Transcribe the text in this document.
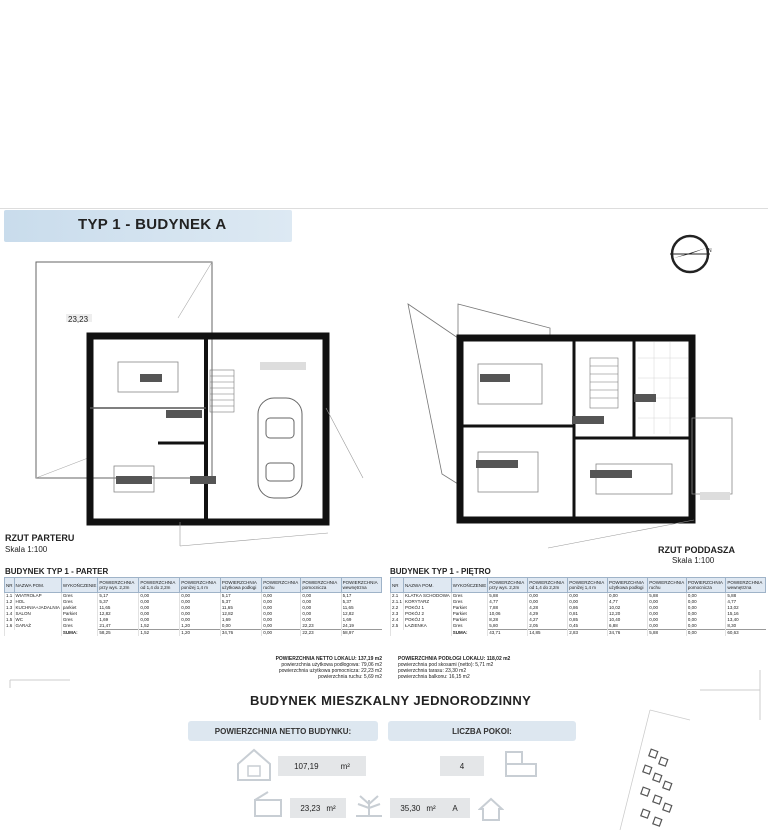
TYP 1 - BUDYNEK A
N
23,23
RZUT PARTERU
Skala 1:100	RZUT PODDASZA
Skala 1:100
BUDYNEK TYP 1 - PARTER
NR	NAZWA POM.	WYKOŃCZENIE	POWIERZCHNIA przy wys. 2,2m	POWIERZCHNIA od 1,4 do 2,2m	POWIERZCHNIA poniżej 1,4 m	POWIERZCHNIA użytkowa podłogi	POWIERZCHNIA ruchu	POWIERZCHNIA pomocnicza	POWIERZCHNIA wewnętrzna
1.1	WIATROŁAP	Gres	5,17	0,00	0,00	5,17	0,00	0,00	5,17
1.2	HOL	Gres	5,37	0,00	0,00	5,37	0,00	0,00	5,37
1.3	KUCHNIA+JADALNIA	parkiet	11,65	0,00	0,00	11,65	0,00	0,00	11,65
1.4	SALON	Parkiet	12,82	0,00	0,00	12,82	0,00	0,00	12,82
1.5	WC	Gres	1,69	0,00	0,00	1,69	0,00	0,00	1,69
1.6	GARAŻ	Gres	21,47	1,52	1,20	0,00	0,00	22,23	24,19
		SUMA:	58,25	1,52	1,20	34,76	0,00	22,23	58,97
POWIERZCHNIA NETTO LOKALU: 137,19 m2
powierzchnia użytkowa podłogowa: 79,06 m2
powierzchnia użytkowa pomocnicza: 22,23 m2
powierzchnia ruchu: 5,69 m2
BUDYNEK TYP 1 - PIĘTRO
NR	NAZWA POM.	WYKOŃCZENIE	POWIERZCHNIA przy wys. 2,2m	POWIERZCHNIA od 1,4 do 2,2m	POWIERZCHNIA poniżej 1,4 m	POWIERZCHNIA użytkowa podłogi	POWIERZCHNIA ruchu	POWIERZCHNIA pomocnicza	POWIERZCHNIA wewnętrzna
2.1	KLATKA SCHODOWA	Gres	5,88	0,00	0,00	0,00	5,88	0,00	5,88
2.1.1	KORYTARZ	Gres	4,77	0,00	0,00	4,77	0,00	0,00	4,77
2.2	POKÓJ 1	Parkiet	7,88	4,28	0,86	10,02	0,00	0,00	13,02
2.3	POKÓJ 2	Parkiet	10,06	4,29	0,81	12,20	0,00	0,00	15,16
2.4	POKÓJ 3	Parkiet	8,28	4,27	0,85	10,40	0,00	0,00	13,40
2.5	ŁAZIENKA	Gres	5,80	2,05	0,45	6,88	0,00	0,00	8,30
		SUMA:	43,71	14,85	2,83	34,76	5,88	0,00	60,63
POWIERZCHNIA PODŁOGI LOKALU: 118,02 m2
powierzchnia pod skosami (netto): 5,71 m2
powierzchnia tarasu: 23,30 m2
powierzchnia balkonu: 16,15 m2
BUDYNEK MIESZKALNY JEDNORODZINNY
POWIERZCHNIA NETTO BUDYNKU:	LICZBA POKOI:
107,19	m²	4
23,23 m²	35,30 m²	A
